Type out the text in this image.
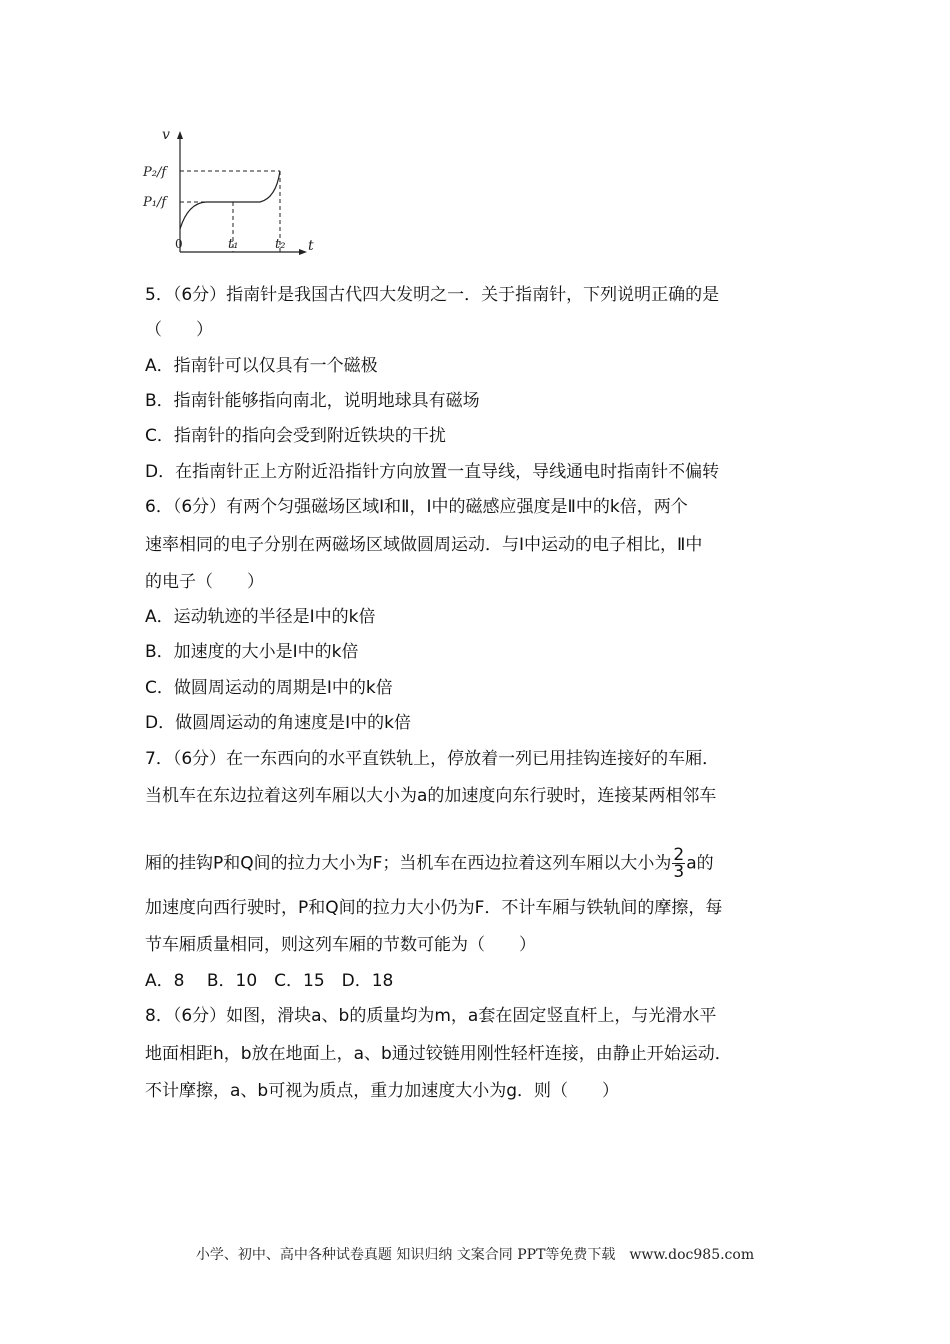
v
t
0
P₂/f
P₁/f
t₁	t₂
5．（6分）指南针是我国古代四大发明之一．关于指南针，下列说明正确的是
（　　）
A．指南针可以仅具有一个磁极
B．指南针能够指向南北，说明地球具有磁场
C．指南针的指向会受到附近铁块的干扰
D．在指南针正上方附近沿指针方向放置一直导线，导线通电时指南针不偏转
6．（6分）有两个匀强磁场区域Ⅰ和Ⅱ，I中的磁感应强度是Ⅱ中的k倍，两个
速率相同的电子分别在两磁场区域做圆周运动．与Ⅰ中运动的电子相比，Ⅱ中
的电子（　　）
A．运动轨迹的半径是Ⅰ中的k倍
B．加速度的大小是Ⅰ中的k倍
C．做圆周运动的周期是Ⅰ中的k倍
D．做圆周运动的角速度是Ⅰ中的k倍
7．（6分）在一东西向的水平直铁轨上，停放着一列已用挂钩连接好的车厢．
当机车在东边拉着这列车厢以大小为a的加速度向东行驶时，连接某两相邻车
厢的挂钩P和Q间的拉力大小为F；当机车在西边拉着这列车厢以大小为 $\frac{2}{3}$ a的
加速度向西行驶时，P和Q间的拉力大小仍为F．不计车厢与铁轨间的摩擦，每
节车厢质量相同，则这列车厢的节数可能为（　　）
A．8　 B．10　C．15　D．18
8．（6分）如图，滑块a、b的质量均为m，a套在固定竖直杆上，与光滑水平
地面相距h，b放在地面上，a、b通过铰链用刚性轻杆连接，由静止开始运动．
不计摩擦，a、b可视为质点，重力加速度大小为g．则（　　）
小学、初中、高中各种试卷真题 知识归纳 文案合同 PPT等免费下载　www.doc985.com
